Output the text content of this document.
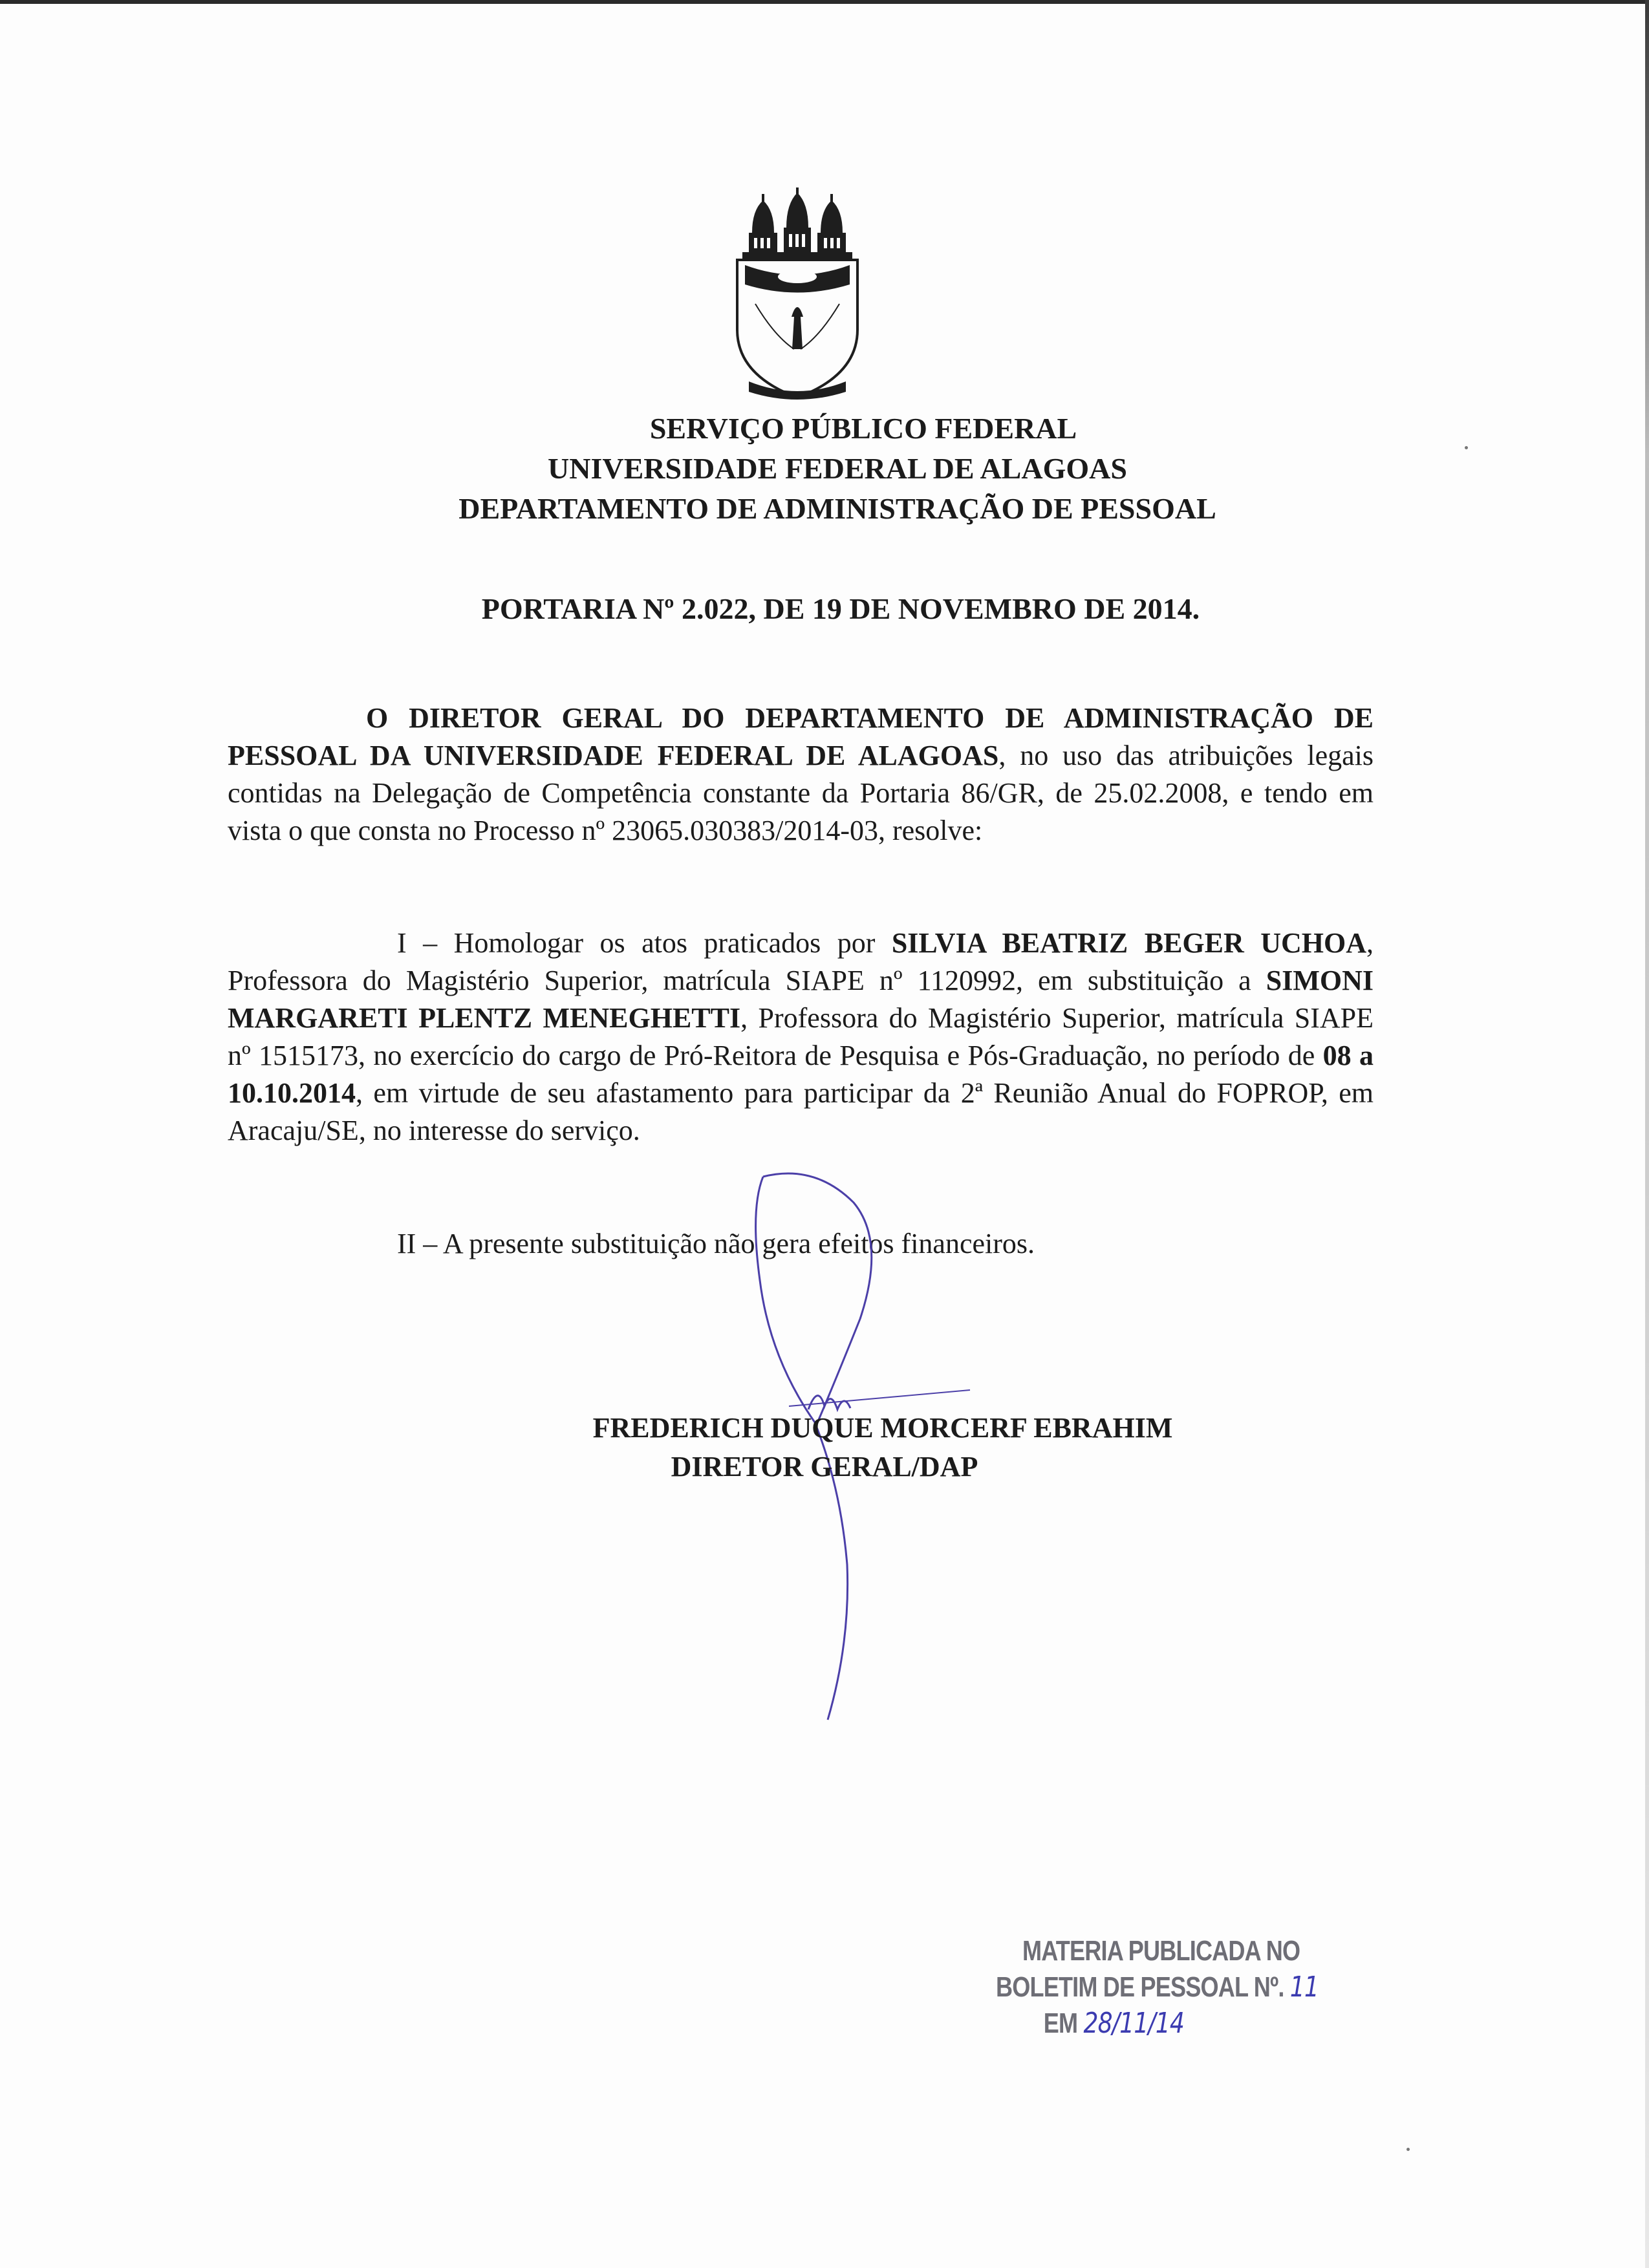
SERVIÇO PÚBLICO FEDERAL
UNIVERSIDADE FEDERAL DE ALAGOAS
DEPARTAMENTO DE ADMINISTRAÇÃO DE PESSOAL
PORTARIA Nº 2.022, DE 19 DE NOVEMBRO DE 2014.
O DIRETOR GERAL DO DEPARTAMENTO DE ADMINISTRAÇÃO DE PESSOAL DA UNIVERSIDADE FEDERAL DE ALAGOAS, no uso das atribuições legais contidas na Delegação de Competência constante da Portaria 86/GR, de 25.02.2008, e tendo em vista o que consta no Processo nº 23065.030383/2014-03, resolve:
I – Homologar os atos praticados por SILVIA BEATRIZ BEGER UCHOA, Professora do Magistério Superior, matrícula SIAPE nº 1120992, em substituição a SIMONI MARGARETI PLENTZ MENEGHETTI, Professora do Magistério Superior, matrícula SIAPE nº 1515173, no exercício do cargo de Pró-Reitora de Pesquisa e Pós-Graduação, no período de 08 a 10.10.2014, em virtude de seu afastamento para participar da 2ª Reunião Anual do FOPROP, em Aracaju/SE, no interesse do serviço.
II – A presente substituição não gera efeitos financeiros.
FREDERICH DUQUE MORCERF EBRAHIM
DIRETOR GERAL/DAP
MATERIA PUBLICADA NO
BOLETIM DE PESSOAL Nº. 11
EM 28/11/14
